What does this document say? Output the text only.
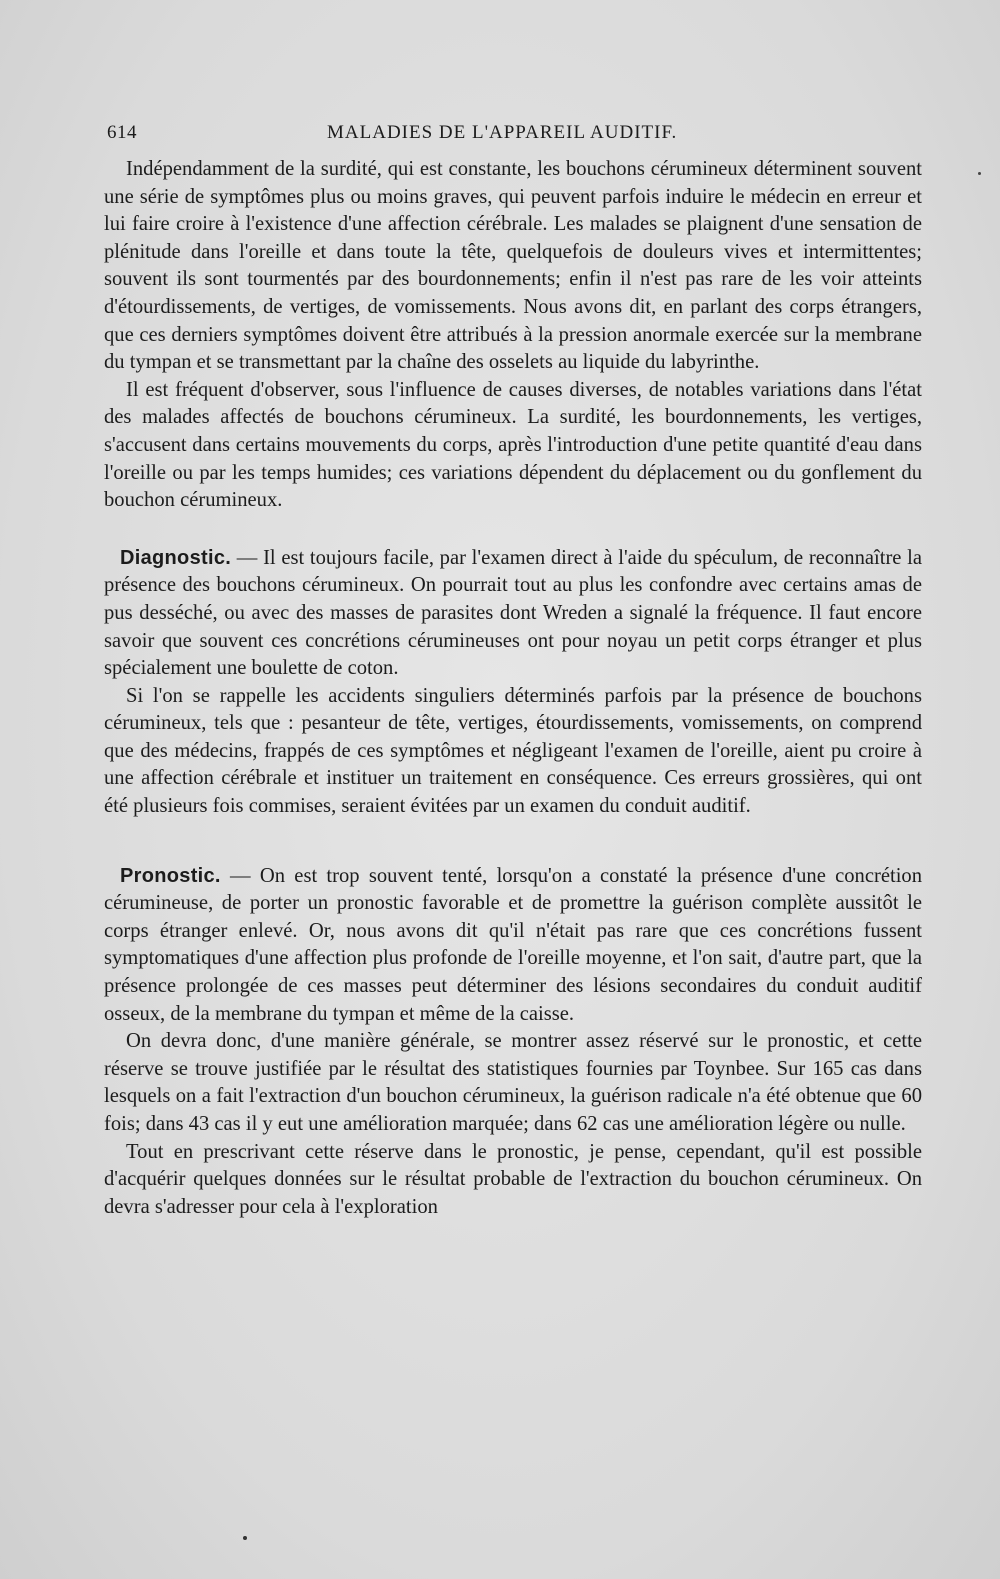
614	MALADIES DE L'APPAREIL AUDITIF.

Indépendamment de la surdité, qui est constante, les bouchons cérumineux déterminent souvent une série de symptômes plus ou moins graves, qui peuvent parfois induire le médecin en erreur et lui faire croire à l'existence d'une affection cérébrale. Les malades se plaignent d'une sensation de plénitude dans l'oreille et dans toute la tête, quelquefois de douleurs vives et intermittentes; souvent ils sont tourmentés par des bourdonnements; enfin il n'est pas rare de les voir atteints d'étourdissements, de vertiges, de vomissements. Nous avons dit, en parlant des corps étrangers, que ces derniers symptômes doivent être attribués à la pression anormale exercée sur la membrane du tympan et se transmettant par la chaîne des osselets au liquide du labyrinthe.

Il est fréquent d'observer, sous l'influence de causes diverses, de notables variations dans l'état des malades affectés de bouchons cérumineux. La surdité, les bourdonnements, les vertiges, s'accusent dans certains mouvements du corps, après l'introduction d'une petite quantité d'eau dans l'oreille ou par les temps humides; ces variations dépendent du déplacement ou du gonflement du bouchon cérumineux.

Diagnostic. — Il est toujours facile, par l'examen direct à l'aide du spéculum, de reconnaître la présence des bouchons cérumineux. On pourrait tout au plus les confondre avec certains amas de pus desséché, ou avec des masses de parasites dont Wreden a signalé la fréquence. Il faut encore savoir que souvent ces concrétions cérumineuses ont pour noyau un petit corps étranger et plus spécialement une boulette de coton.

Si l'on se rappelle les accidents singuliers déterminés parfois par la présence de bouchons cérumineux, tels que : pesanteur de tête, vertiges, étourdissements, vomissements, on comprend que des médecins, frappés de ces symptômes et négligeant l'examen de l'oreille, aient pu croire à une affection cérébrale et instituer un traitement en conséquence. Ces erreurs grossières, qui ont été plusieurs fois commises, seraient évitées par un examen du conduit auditif.

Pronostic. — On est trop souvent tenté, lorsqu'on a constaté la présence d'une concrétion cérumineuse, de porter un pronostic favorable et de promettre la guérison complète aussitôt le corps étranger enlevé. Or, nous avons dit qu'il n'était pas rare que ces concrétions fussent symptomatiques d'une affection plus profonde de l'oreille moyenne, et l'on sait, d'autre part, que la présence prolongée de ces masses peut déterminer des lésions secondaires du conduit auditif osseux, de la membrane du tympan et même de la caisse.

On devra donc, d'une manière générale, se montrer assez réservé sur le pronostic, et cette réserve se trouve justifiée par le résultat des statistiques fournies par Toynbee. Sur 165 cas dans lesquels on a fait l'extraction d'un bouchon cérumineux, la guérison radicale n'a été obtenue que 60 fois; dans 43 cas il y eut une amélioration marquée; dans 62 cas une amélioration légère ou nulle.

Tout en prescrivant cette réserve dans le pronostic, je pense, cependant, qu'il est possible d'acquérir quelques données sur le résultat probable de l'extraction du bouchon cérumineux. On devra s'adresser pour cela à l'exploration
